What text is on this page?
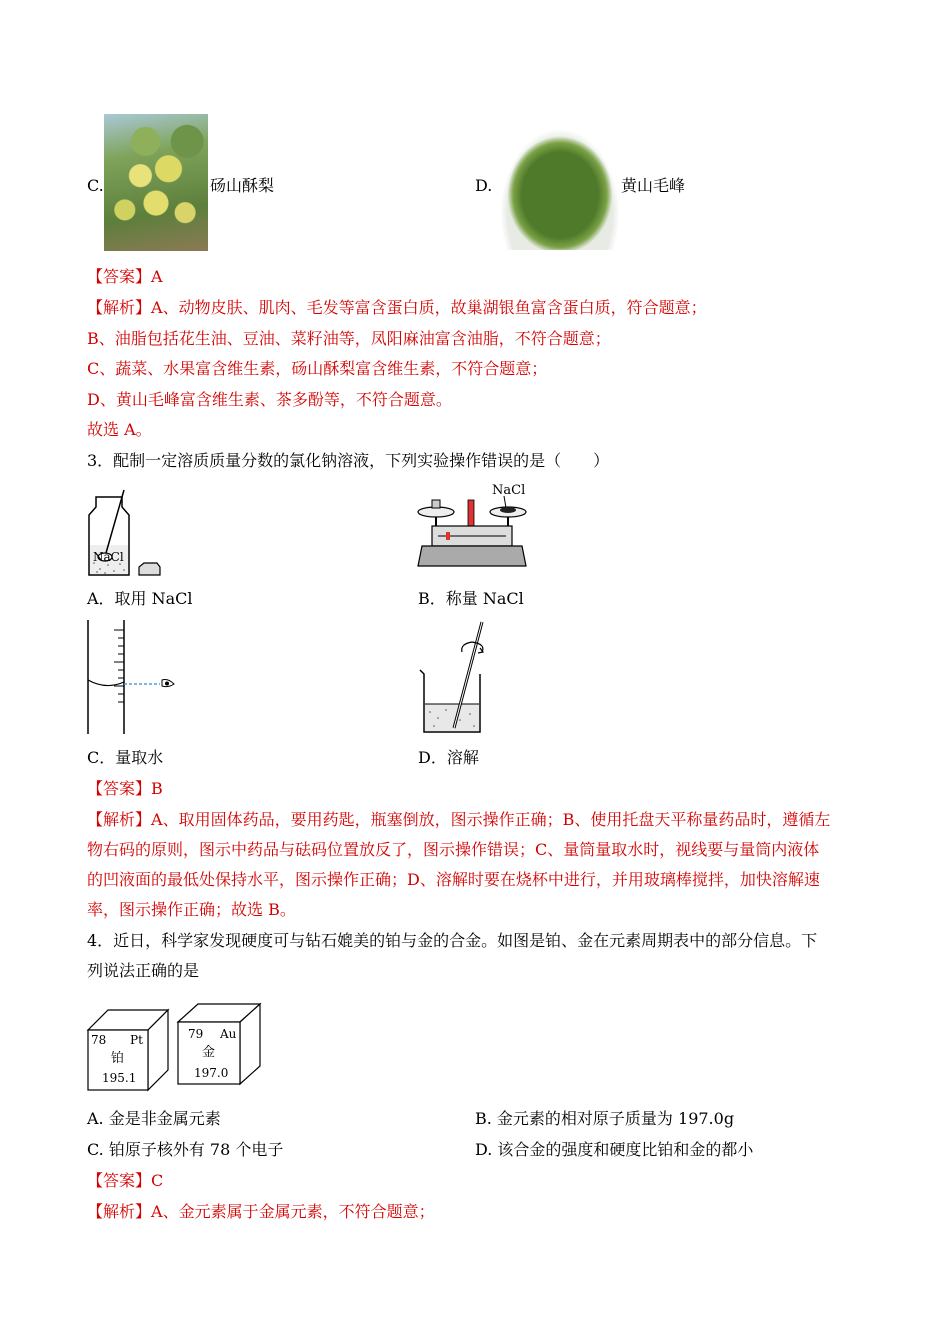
C.	砀山酥梨	D.	黄山毛峰
【答案】A
【解析】A、动物皮肤、肌肉、毛发等富含蛋白质，故巢湖银鱼富含蛋白质，符合题意；
B、油脂包括花生油、豆油、菜籽油等，凤阳麻油富含油脂，不符合题意；
C、蔬菜、水果富含维生素，砀山酥梨富含维生素，不符合题意；
D、黄山毛峰富含维生素、茶多酚等，不符合题意。
故选 A。
3．配制一定溶质质量分数的氯化钠溶液，下列实验操作错误的是（　　）
NaCl
NaCl
A．取用 NaCl	B．称量 NaCl
C．量取水	D．溶解
【答案】B
【解析】A、取用固体药品，要用药匙，瓶塞倒放，图示操作正确；B、使用托盘天平称量药品时，遵循左
物右码的原则，图示中药品与砝码位置放反了，图示操作错误；C、量筒量取水时，视线要与量筒内液体
的凹液面的最低处保持水平，图示操作正确；D、溶解时要在烧杯中进行，并用玻璃棒搅拌，加快溶解速
率，图示操作正确；故选 B。
4．近日，科学家发现硬度可与钻石媲美的铂与金的合金。如图是铂、金在元素周期表中的部分信息。下
列说法正确的是
78 Pt
铂
195.1
79 Au
金
197.0
A. 金是非金属元素	B. 金元素的相对原子质量为 197.0g
C. 铂原子核外有 78 个电子	D. 该合金的强度和硬度比铂和金的都小
【答案】C
【解析】A、金元素属于金属元素，不符合题意；
